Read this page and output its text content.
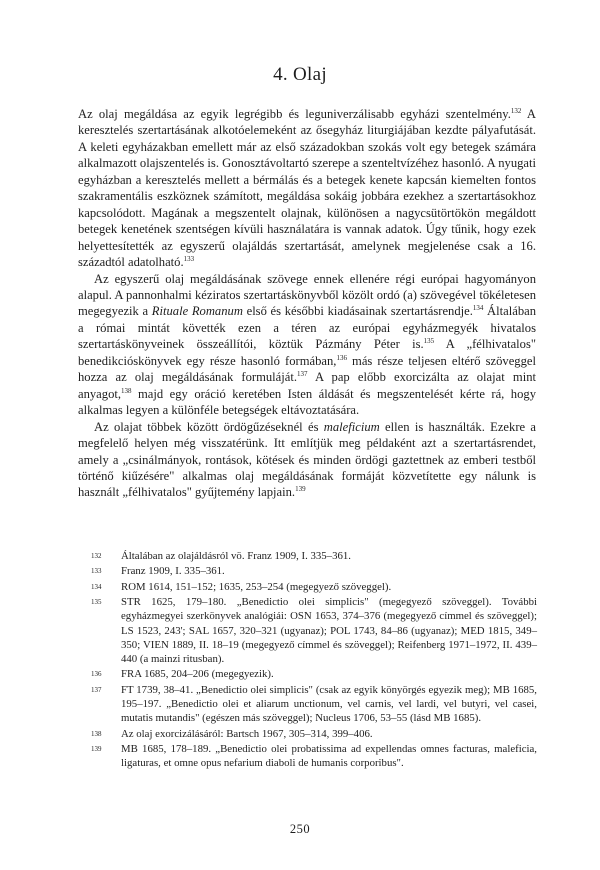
4. Olaj

Az olaj megáldása az egyik legrégibb és leguniverzálisabb egyházi szentelmény.$^{132}$ A keresztelés szertartásának alkotóelemeként az ősegyház liturgiájában kezdte pályafutását. A keleti egyházakban emellett már az első századokban szokás volt egy betegek számára alkalmazott olajszentelés is. Gonosztávoltartó szerepe a szenteltvízéhez hasonló. A nyugati egyházban a keresztelés mellett a bérmálás és a betegek kenete kapcsán kiemelten fontos szakramentális eszköznek számított, megáldása sokáig jobbára ezekhez a szertartásokhoz kapcsolódott. Magának a megszentelt olajnak, különösen a nagycsütörtökön megáldott betegek kenetének szentségen kívüli használatára is vannak adatok. Úgy tűnik, hogy ezek helyettesítették az egyszerű olajáldás szertartását, amelynek megjelenése csak a 16. századtól adatolható.$^{133}$

Az egyszerű olaj megáldásának szövege ennek ellenére régi európai hagyományon alapul. A pannonhalmi kéziratos szertartáskönyvből közölt ordó (a) szövegével tökéletesen megegyezik a Rituale Romanum első és későbbi kiadásainak szertartásrendje.$^{134}$ Általában a római mintát követték ezen a téren az európai egyházmegyék hivatalos szertartáskönyveinek összeállítói, köztük Pázmány Péter is.$^{135}$ A „félhivatalos" benedikcióskönyvek egy része hasonló formában,$^{136}$ más része teljesen eltérő szöveggel hozza az olaj megáldásának formuláját.$^{137}$ A pap előbb exorcizálta az olajat mint anyagot,$^{138}$ majd egy oráció keretében Isten áldását és megszentelését kérte rá, hogy alkalmas legyen a különféle betegségek eltávoztatására.

Az olajat többek között ördögűzéseknél és maleficium ellen is használták. Ezekre a megfelelő helyen még visszatérünk. Itt említjük meg példaként azt a szertartásrendet, amely a „csinálmányok, rontások, kötések és minden ördögi gaztettnek az emberi testből történő kiűzésére" alkalmas olaj megáldásának formáját közvetítette egy nálunk is használt „félhivatalos" gyűjtemény lapjain.$^{139}$

132	Általában az olajáldásról vö. Franz 1909, I. 335–361.
133	Franz 1909, I. 335–361.
134	ROM 1614, 151–152; 1635, 253–254 (megegyező szöveggel).
135	STR 1625, 179–180. „Benedictio olei simplicis" (megegyező szöveggel). További egyházmegyei szerkönyvek analógiái: OSN 1653, 374–376 (megegyező címmel és szöveggel); LS 1523, 243'; SAL 1657, 320–321 (ugyanaz); POL 1743, 84–86 (ugyanaz); MED 1815, 349–350; VIEN 1889, II. 18–19 (megegyező címmel és szöveggel); Reifenberg 1971–1972, II. 439–440 (a mainzi ritusban).
136	FRA 1685, 204–206 (megegyezik).
137	FT 1739, 38–41. „Benedictio olei simplicis" (csak az egyik könyörgés egyezik meg); MB 1685, 195–197. „Benedictio olei et aliarum unctionum, vel carnis, vel lardi, vel butyri, vel casei, mutatis mutandis" (egészen más szöveggel); Nucleus 1706, 53–55 (lásd MB 1685).
138	Az olaj exorcizálásáról: Bartsch 1967, 305–314, 399–406.
139	MB 1685, 178–189. „Benedictio olei probatissima ad expellendas omnes facturas, maleficia, ligaturas, et omne opus nefarium diaboli de humanis corporibus".
250
